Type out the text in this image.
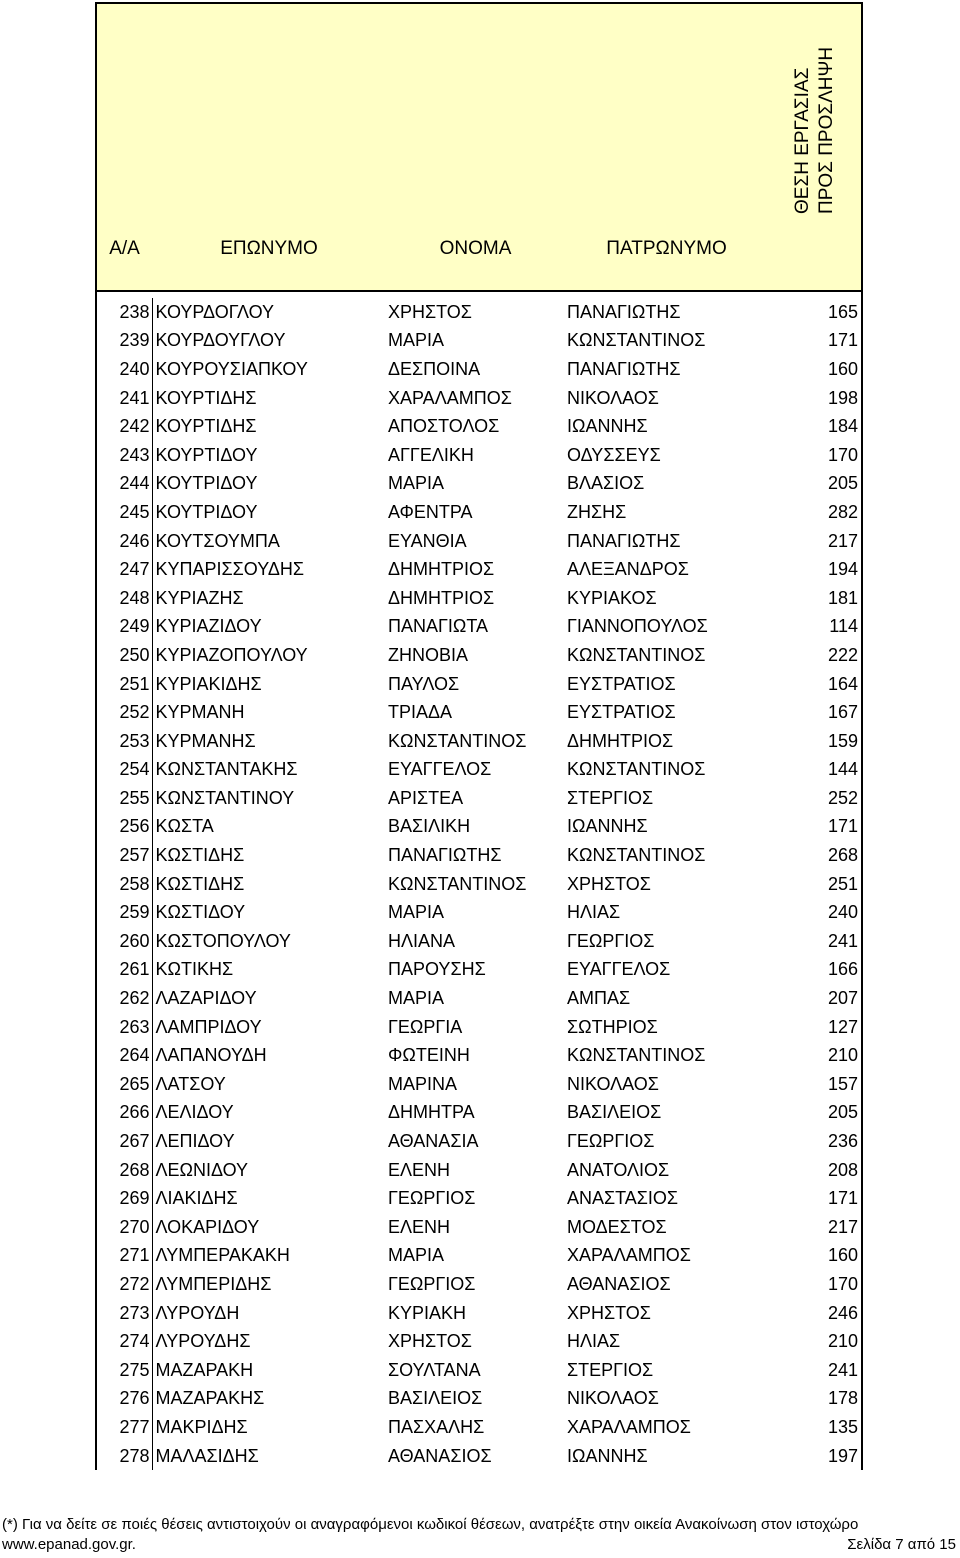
Α/Α	ΕΠΩΝΥΜΟ	ΟΝΟΜΑ	ΠΑΤΡΩΝΥΜΟ	ΘΕΣΗ ΕΡΓΑΣΙΑΣ ΠΡΟΣ ΠΡΟΣΛΗΨΗ

238	ΚΟΥΡΔΟΓΛΟΥ	ΧΡΗΣΤΟΣ	ΠΑΝΑΓΙΩΤΗΣ	165
239	ΚΟΥΡΔΟΥΓΛΟΥ	ΜΑΡΙΑ	ΚΩΝΣΤΑΝΤΙΝΟΣ	171
240	ΚΟΥΡΟΥΣΙΑΠΚΟΥ	ΔΕΣΠΟΙΝΑ	ΠΑΝΑΓΙΩΤΗΣ	160
241	ΚΟΥΡΤΙΔΗΣ	ΧΑΡΑΛΑΜΠΟΣ	ΝΙΚΟΛΑΟΣ	198
242	ΚΟΥΡΤΙΔΗΣ	ΑΠΟΣΤΟΛΟΣ	ΙΩΑΝΝΗΣ	184
243	ΚΟΥΡΤΙΔΟΥ	ΑΓΓΕΛΙΚΗ	ΟΔΥΣΣΕΥΣ	170
244	ΚΟΥΤΡΙΔΟΥ	ΜΑΡΙΑ	ΒΛΑΣΙΟΣ	205
245	ΚΟΥΤΡΙΔΟΥ	ΑΦΕΝΤΡΑ	ΖΗΣΗΣ	282
246	ΚΟΥΤΣΟΥΜΠΑ	ΕΥΑΝΘΙΑ	ΠΑΝΑΓΙΩΤΗΣ	217
247	ΚΥΠΑΡΙΣΣΟΥΔΗΣ	ΔΗΜΗΤΡΙΟΣ	ΑΛΕΞΑΝΔΡΟΣ	194
248	ΚΥΡΙΑΖΗΣ	ΔΗΜΗΤΡΙΟΣ	ΚΥΡΙΑΚΟΣ	181
249	ΚΥΡΙΑΖΙΔΟΥ	ΠΑΝΑΓΙΩΤΑ	ΓΙΑΝΝΟΠΟΥΛΟΣ	114
250	ΚΥΡΙΑΖΟΠΟΥΛΟΥ	ΖΗΝΟΒΙΑ	ΚΩΝΣΤΑΝΤΙΝΟΣ	222
251	ΚΥΡΙΑΚΙΔΗΣ	ΠΑΥΛΟΣ	ΕΥΣΤΡΑΤΙΟΣ	164
252	ΚΥΡΜΑΝΗ	ΤΡΙΑΔΑ	ΕΥΣΤΡΑΤΙΟΣ	167
253	ΚΥΡΜΑΝΗΣ	ΚΩΝΣΤΑΝΤΙΝΟΣ	ΔΗΜΗΤΡΙΟΣ	159
254	ΚΩΝΣΤΑΝΤΑΚΗΣ	ΕΥΑΓΓΕΛΟΣ	ΚΩΝΣΤΑΝΤΙΝΟΣ	144
255	ΚΩΝΣΤΑΝΤΙΝΟΥ	ΑΡΙΣΤΕΑ	ΣΤΕΡΓΙΟΣ	252
256	ΚΩΣΤΑ	ΒΑΣΙΛΙΚΗ	ΙΩΑΝΝΗΣ	171
257	ΚΩΣΤΙΔΗΣ	ΠΑΝΑΓΙΩΤΗΣ	ΚΩΝΣΤΑΝΤΙΝΟΣ	268
258	ΚΩΣΤΙΔΗΣ	ΚΩΝΣΤΑΝΤΙΝΟΣ	ΧΡΗΣΤΟΣ	251
259	ΚΩΣΤΙΔΟΥ	ΜΑΡΙΑ	ΗΛΙΑΣ	240
260	ΚΩΣΤΟΠΟΥΛΟΥ	ΗΛΙΑΝΑ	ΓΕΩΡΓΙΟΣ	241
261	ΚΩΤΙΚΗΣ	ΠΑΡΟΥΣΗΣ	ΕΥΑΓΓΕΛΟΣ	166
262	ΛΑΖΑΡΙΔΟΥ	ΜΑΡΙΑ	ΑΜΠΑΣ	207
263	ΛΑΜΠΡΙΔΟΥ	ΓΕΩΡΓΙΑ	ΣΩΤΗΡΙΟΣ	127
264	ΛΑΠΑΝΟΥΔΗ	ΦΩΤΕΙΝΗ	ΚΩΝΣΤΑΝΤΙΝΟΣ	210
265	ΛΑΤΣΟΥ	ΜΑΡΙΝΑ	ΝΙΚΟΛΑΟΣ	157
266	ΛΕΛΙΔΟΥ	ΔΗΜΗΤΡΑ	ΒΑΣΙΛΕΙΟΣ	205
267	ΛΕΠΙΔΟΥ	ΑΘΑΝΑΣΙΑ	ΓΕΩΡΓΙΟΣ	236
268	ΛΕΩΝΙΔΟΥ	ΕΛΕΝΗ	ΑΝΑΤΟΛΙΟΣ	208
269	ΛΙΑΚΙΔΗΣ	ΓΕΩΡΓΙΟΣ	ΑΝΑΣΤΑΣΙΟΣ	171
270	ΛΟΚΑΡΙΔΟΥ	ΕΛΕΝΗ	ΜΟΔΕΣΤΟΣ	217
271	ΛΥΜΠΕΡΑΚΑΚΗ	ΜΑΡΙΑ	ΧΑΡΑΛΑΜΠΟΣ	160
272	ΛΥΜΠΕΡΙΔΗΣ	ΓΕΩΡΓΙΟΣ	ΑΘΑΝΑΣΙΟΣ	170
273	ΛΥΡΟΥΔΗ	ΚΥΡΙΑΚΗ	ΧΡΗΣΤΟΣ	246
274	ΛΥΡΟΥΔΗΣ	ΧΡΗΣΤΟΣ	ΗΛΙΑΣ	210
275	ΜΑΖΑΡΑΚΗ	ΣΟΥΛΤΑΝΑ	ΣΤΕΡΓΙΟΣ	241
276	ΜΑΖΑΡΑΚΗΣ	ΒΑΣΙΛΕΙΟΣ	ΝΙΚΟΛΑΟΣ	178
277	ΜΑΚΡΙΔΗΣ	ΠΑΣΧΑΛΗΣ	ΧΑΡΑΛΑΜΠΟΣ	135
278	ΜΑΛΑΣΙΔΗΣ	ΑΘΑΝΑΣΙΟΣ	ΙΩΑΝΝΗΣ	197
(*) Για να δείτε σε ποιές θέσεις αντιστοιχούν οι αναγραφόμενοι κωδικοί θέσεων, ανατρέξτε στην οικεία Ανακοίνωση στον ιστοχώρο
www.epanad.gov.gr.	Σελίδα 7 από 15
